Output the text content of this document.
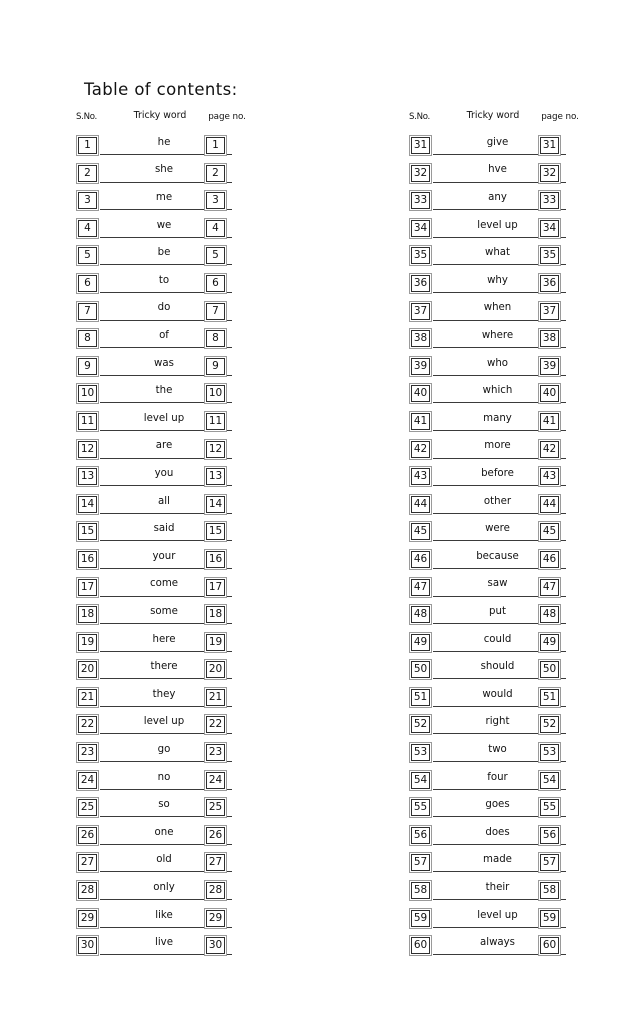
Table of contents:
S.No.	Tricky word	page no.
1	he	1
2	she	2
3	me	3
4	we	4
5	be	5
6	to	6
7	do	7
8	of	8
9	was	9
10	the	10
11	level up	11
12	are	12
13	you	13
14	all	14
15	said	15
16	your	16
17	come	17
18	some	18
19	here	19
20	there	20
21	they	21
22	level up	22
23	go	23
24	no	24
25	so	25
26	one	26
27	old	27
28	only	28
29	like	29
30	live	30
S.No.	Tricky word	page no.
31	give	31
32	hve	32
33	any	33
34	level up	34
35	what	35
36	why	36
37	when	37
38	where	38
39	who	39
40	which	40
41	many	41
42	more	42
43	before	43
44	other	44
45	were	45
46	because	46
47	saw	47
48	put	48
49	could	49
50	should	50
51	would	51
52	right	52
53	two	53
54	four	54
55	goes	55
56	does	56
57	made	57
58	their	58
59	level up	59
60	always	60
